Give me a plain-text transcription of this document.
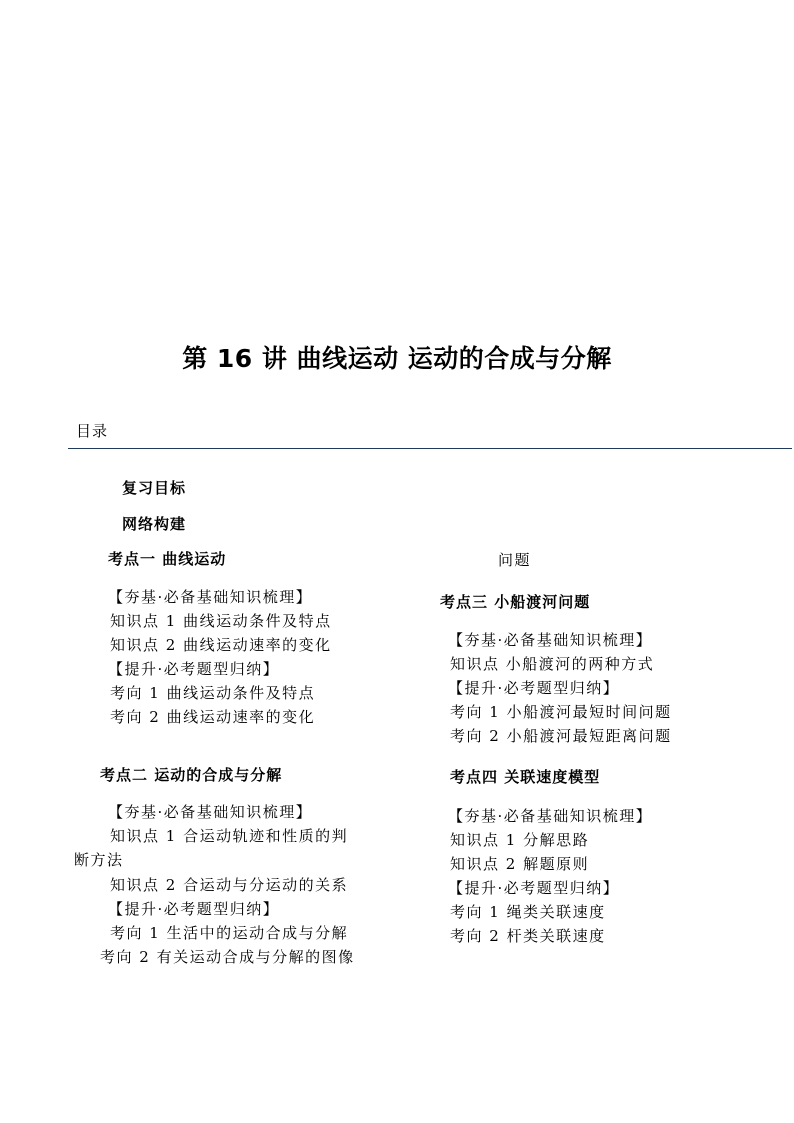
第 16 讲 曲线运动 运动的合成与分解
目录
复习目标
网络构建
考点一 曲线运动
【夯基·必备基础知识梳理】
知识点 1 曲线运动条件及特点
知识点 2 曲线运动速率的变化
【提升·必考题型归纳】
考向 1 曲线运动条件及特点
考向 2 曲线运动速率的变化
考点二 运动的合成与分解
【夯基·必备基础知识梳理】
知识点 1 合运动轨迹和性质的判
断方法
知识点 2 合运动与分运动的关系
【提升·必考题型归纳】
考向 1 生活中的运动合成与分解
考向 2 有关运动合成与分解的图像
问题
考点三 小船渡河问题
【夯基·必备基础知识梳理】
知识点 小船渡河的两种方式
【提升·必考题型归纳】
考向 1 小船渡河最短时间问题
考向 2 小船渡河最短距离问题
考点四 关联速度模型
【夯基·必备基础知识梳理】
知识点 1 分解思路
知识点 2 解题原则
【提升·必考题型归纳】
考向 1 绳类关联速度
考向 2 杆类关联速度
